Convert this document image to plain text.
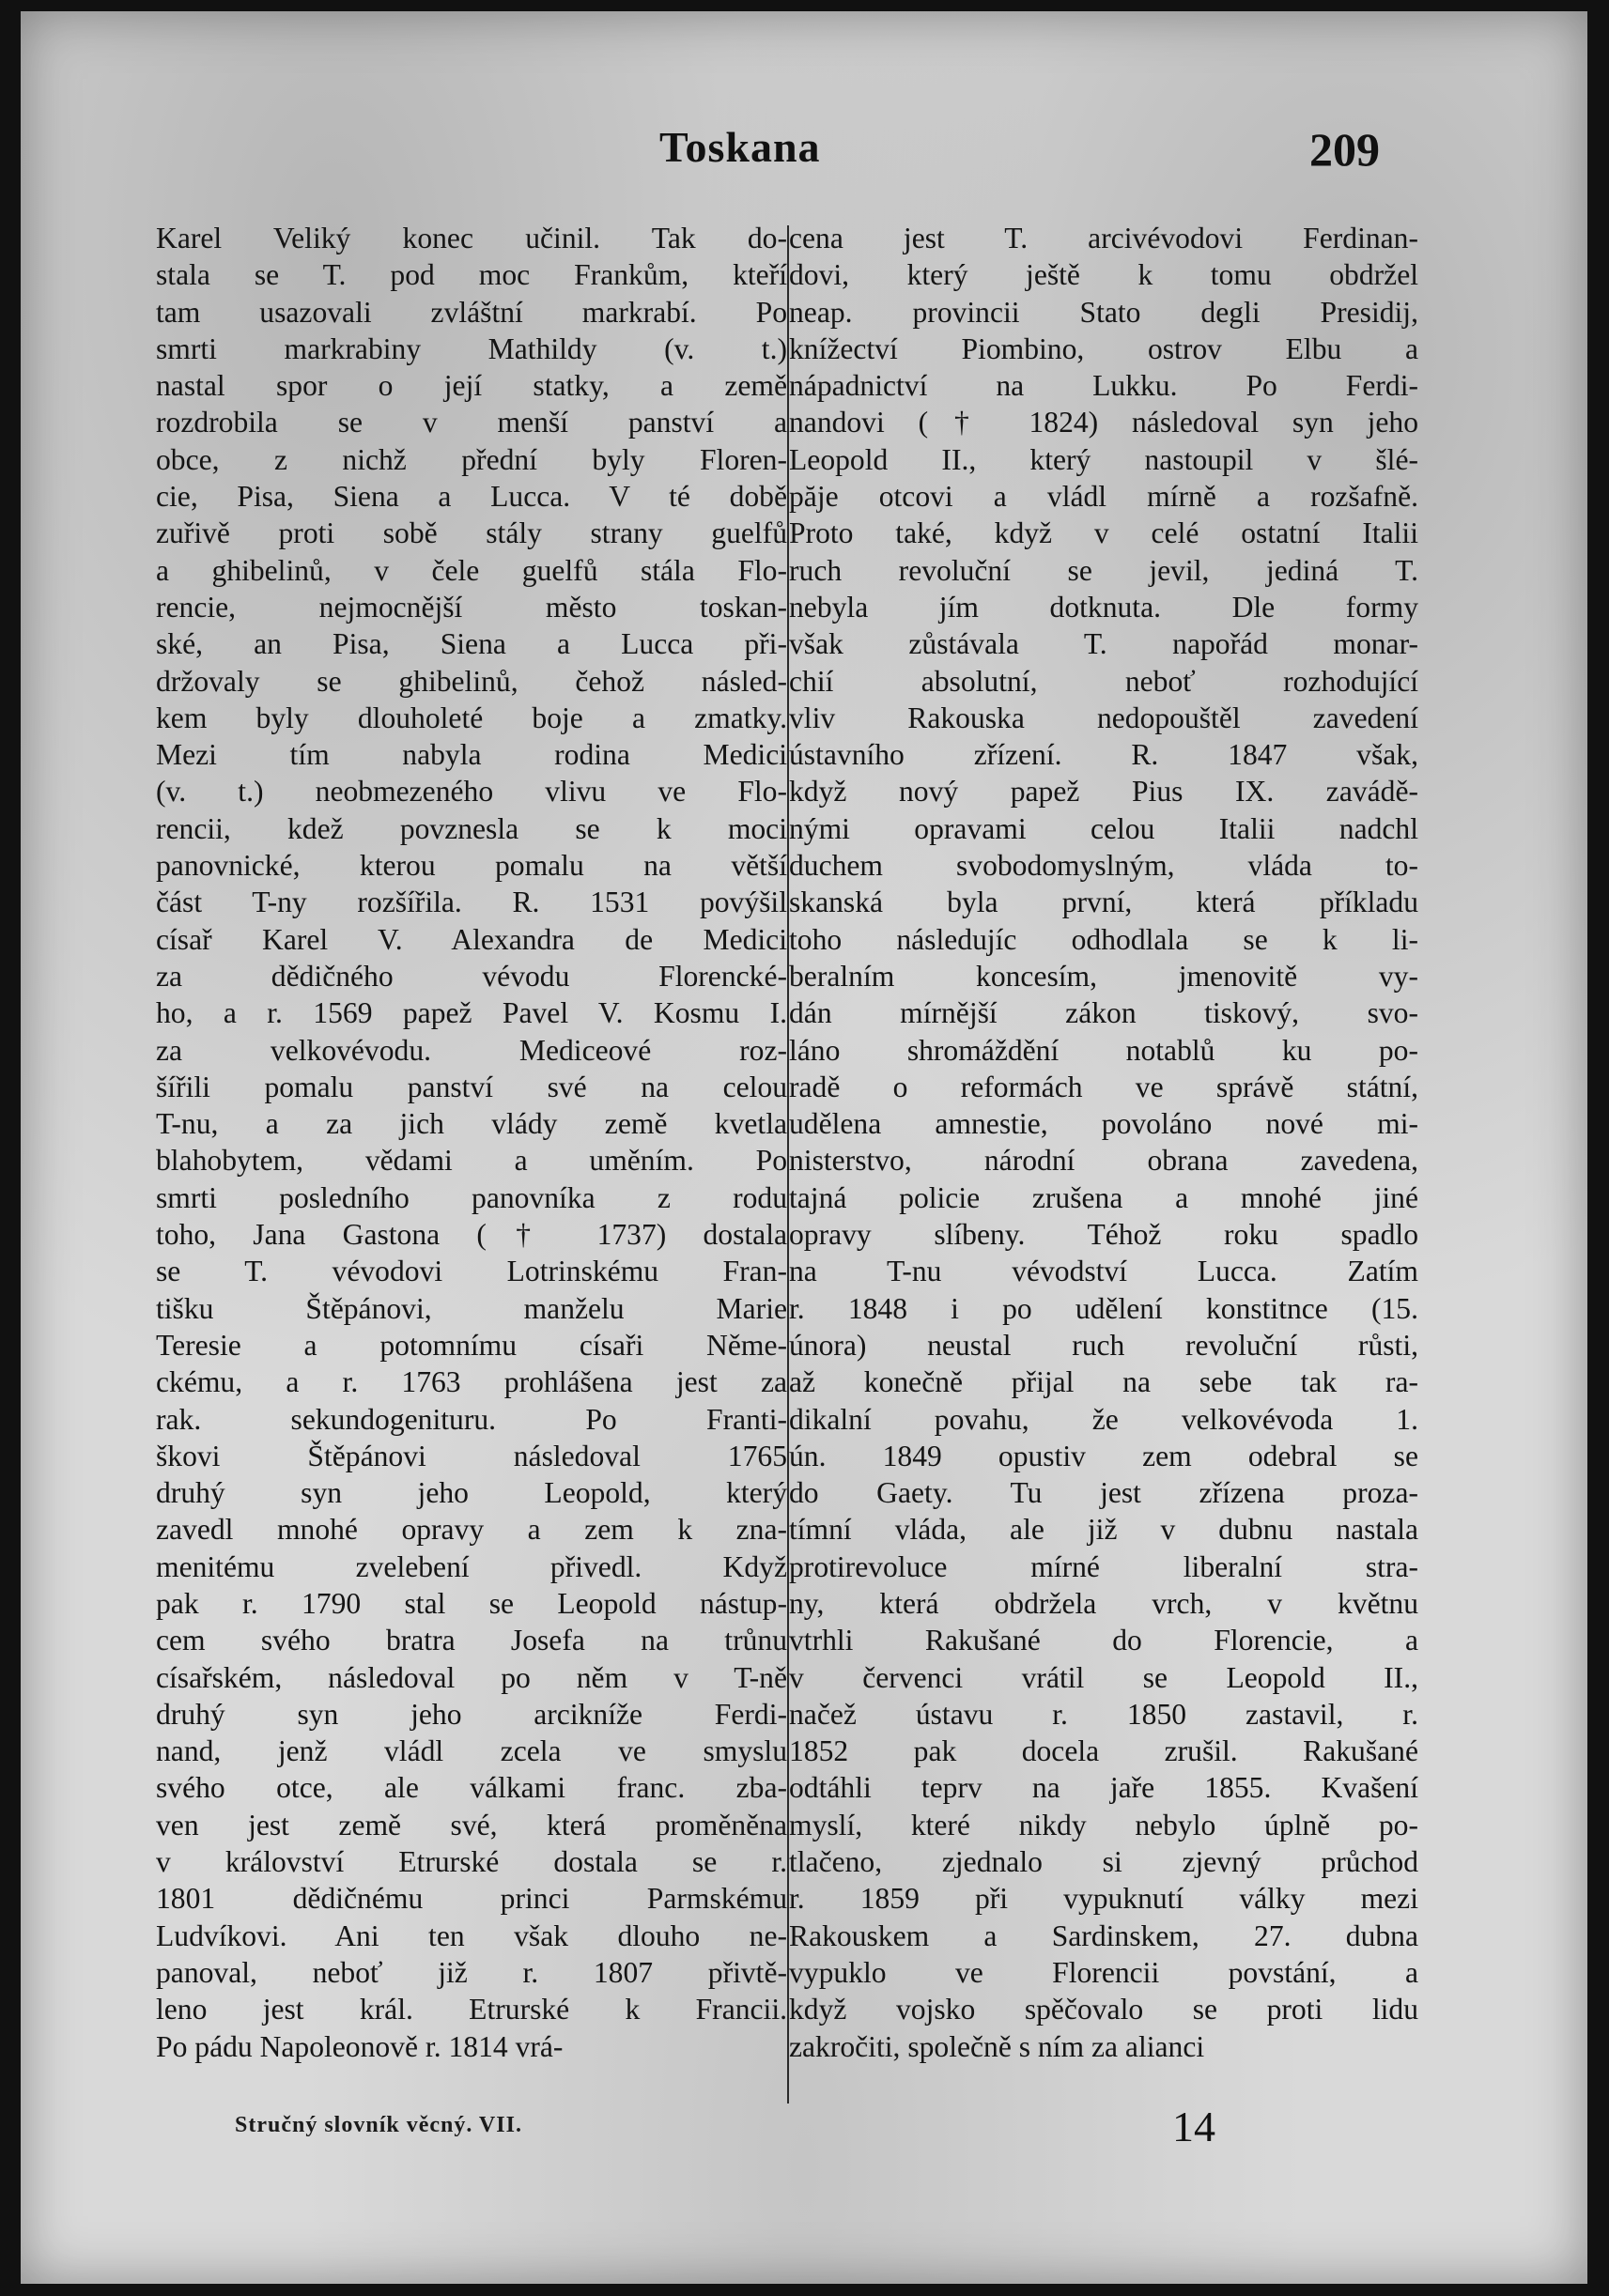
Toskana	209
Karel Veliký konec učinil. Tak do-
stala se T. pod moc Frankům, kteří
tam usazovali zvláštní markrabí. Po
smrti markrabiny Mathildy (v. t.)
nastal spor o její statky, a země
rozdrobila se v menší panství a
obce, z nichž přední byly Floren-
cie, Pisa, Siena a Lucca. V té době
zuřivě proti sobě stály strany guelfů
a ghibelinů, v čele guelfů stála Flo-
rencie, nejmocnější město toskan-
ské, an Pisa, Siena a Lucca při-
držovaly se ghibelinů, čehož násled-
kem byly dlouholeté boje a zmatky.
Mezi tím nabyla rodina Medici
(v. t.) neobmezeného vlivu ve Flo-
rencii, kdež povznesla se k moci
panovnické, kterou pomalu na větší
část T-ny rozšířila. R. 1531 povýšil
císař Karel V. Alexandra de Medici
za dědičného vévodu Florencké-
ho, a r. 1569 papež Pavel V. Kosmu I.
za velkovévodu. Mediceové roz-
šířili pomalu panství své na celou
T-nu, a za jich vlády země kvetla
blahobytem, vědami a uměním. Po
smrti posledního panovníka z rodu
toho, Jana Gastona († 1737) dostala
se T. vévodovi Lotrinskému Fran-
tišku Štěpánovi, manželu Marie
Teresie a potomnímu císaři Něme-
ckému, a r. 1763 prohlášena jest za
rak. sekundogenituru. Po Franti-
škovi Štěpánovi následoval 1765
druhý syn jeho Leopold, který
zavedl mnohé opravy a zem k zna-
menitému zvelebení přivedl. Když
pak r. 1790 stal se Leopold nástup-
cem svého bratra Josefa na trůnu
císařském, následoval po něm v T-ně
druhý syn jeho arcikníže Ferdi-
nand, jenž vládl zcela ve smyslu
svého otce, ale válkami franc. zba-
ven jest země své, která proměněna
v království Etrurské dostala se r.
1801 dědičnému princi Parmskému
Ludvíkovi. Ani ten však dlouho ne-
panoval, neboť již r. 1807 přivtě-
leno jest král. Etrurské k Francii.
Po pádu Napoleonově r. 1814 vrá-
cena jest T. arcivévodovi Ferdinan-
dovi, který ještě k tomu obdržel
neap. provincii Stato degli Presidij,
knížectví Piombino, ostrov Elbu a
nápadnictví na Lukku. Po Ferdi-
nandovi († 1824) následoval syn jeho
Leopold II., který nastoupil v šlé-
păje otcovi a vládl mírně a rozšafně.
Proto také, když v celé ostatní Italii
ruch revoluční se jevil, jediná T.
nebyla jím dotknuta. Dle formy
však zůstávala T. napořád monar-
chií absolutní, neboť rozhodující
vliv Rakouska nedopouštěl zavedení
ústavního zřízení. R. 1847 však,
když nový papež Pius IX. zavádě-
nými opravami celou Italii nadchl
duchem svobodomyslným, vláda to-
skanská byla první, která příkladu
toho následujíc odhodlala se k li-
beralním koncesím, jmenovitě vy-
dán mírnější zákon tiskový, svo-
láno shromáždění notablů ku po-
radě o reformách ve správě státní,
udělena amnestie, povoláno nové mi-
nisterstvo, národní obrana zavedena,
tajná policie zrušena a mnohé jiné
opravy slíbeny. Téhož roku spadlo
na T-nu vévodství Lucca. Zatím
r. 1848 i po udělení konstitnce (15.
února) neustal ruch revoluční růsti,
až konečně přijal na sebe tak ra-
dikalní povahu, že velkovévoda 1.
ún. 1849 opustiv zem odebral se
do Gaety. Tu jest zřízena proza-
tímní vláda, ale již v dubnu nastala
protirevoluce mírné liberalní stra-
ny, která obdržela vrch, v květnu
vtrhli Rakušané do Florencie, a
v červenci vrátil se Leopold II.,
načež ústavu r. 1850 zastavil, r.
1852 pak docela zrušil. Rakušané
odtáhli teprv na jaře 1855. Kvašení
myslí, které nikdy nebylo úplně po-
tlačeno, zjednalo si zjevný průchod
r. 1859 při vypuknutí války mezi
Rakouskem a Sardinskem, 27. dubna
vypuklo ve Florencii povstání, a
když vojsko spěčovalo se proti lidu
zakročiti, společně s ním za alianci
Stručný slovník věcný. VII.	14
